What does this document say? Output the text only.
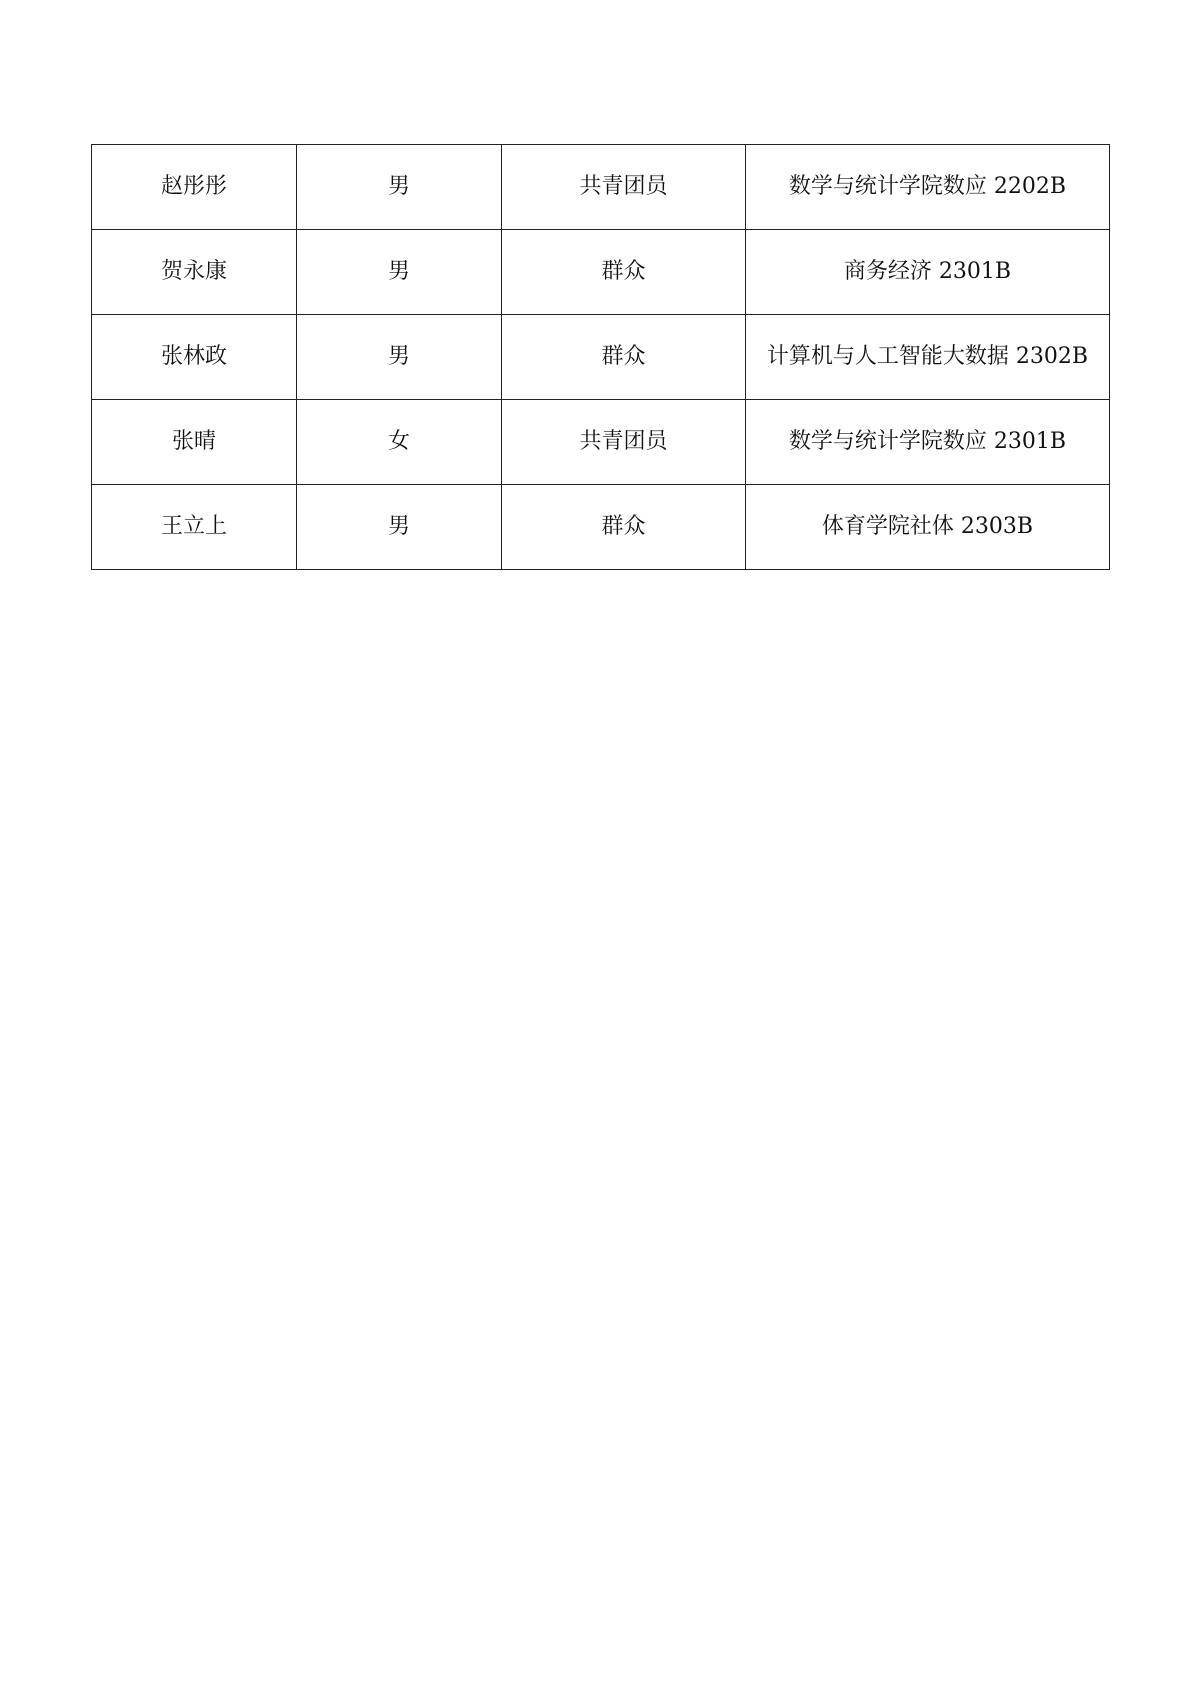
赵彤彤	男	共青团员	数学与统计学院数应 2202B
贺永康	男	群众	商务经济 2301B
张林政	男	群众	计算机与人工智能大数据 2302B
张晴	女	共青团员	数学与统计学院数应 2301B
王立上	男	群众	体育学院社体 2303B
